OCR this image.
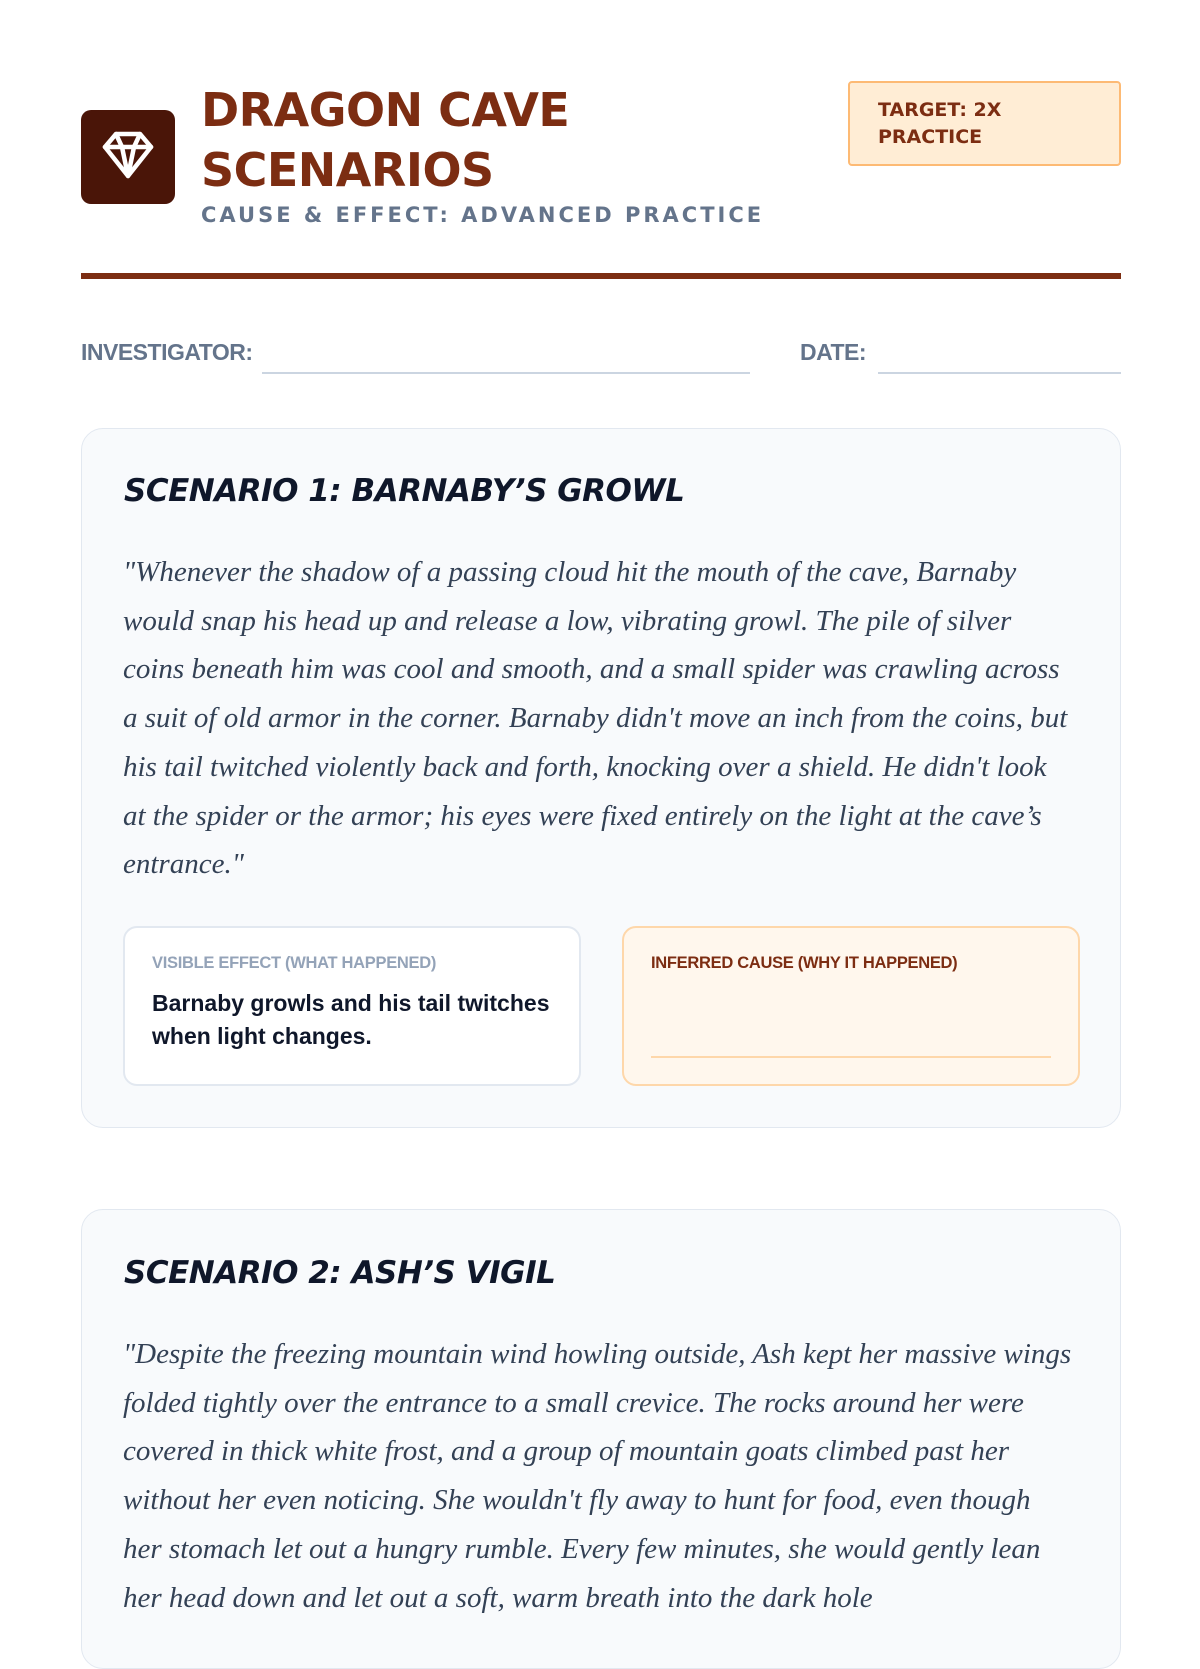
DRAGON CAVE SCENARIOS
CAUSE & EFFECT: ADVANCED PRACTICE
TARGET: 2X PRACTICE
INVESTIGATOR:	DATE:
SCENARIO 1: BARNABY’S GROWL

"Whenever the shadow of a passing cloud hit the mouth of the cave, Barnaby would snap his head up and release a low, vibrating growl. The pile of silver coins beneath him was cool and smooth, and a small spider was crawling across a suit of old armor in the corner. Barnaby didn't move an inch from the coins, but his tail twitched violently back and forth, knocking over a shield. He didn't look at the spider or the armor; his eyes were fixed entirely on the light at the cave’s entrance."

VISIBLE EFFECT (WHAT HAPPENED)
Barnaby growls and his tail twitches when light changes.
INFERRED CAUSE (WHY IT HAPPENED)
SCENARIO 2: ASH’S VIGIL

"Despite the freezing mountain wind howling outside, Ash kept her massive wings folded tightly over the entrance to a small crevice. The rocks around her were covered in thick white frost, and a group of mountain goats climbed past her without her even noticing. She wouldn't fly away to hunt for food, even though her stomach let out a hungry rumble. Every few minutes, she would gently lean her head down and let out a soft, warm breath into the dark hole
